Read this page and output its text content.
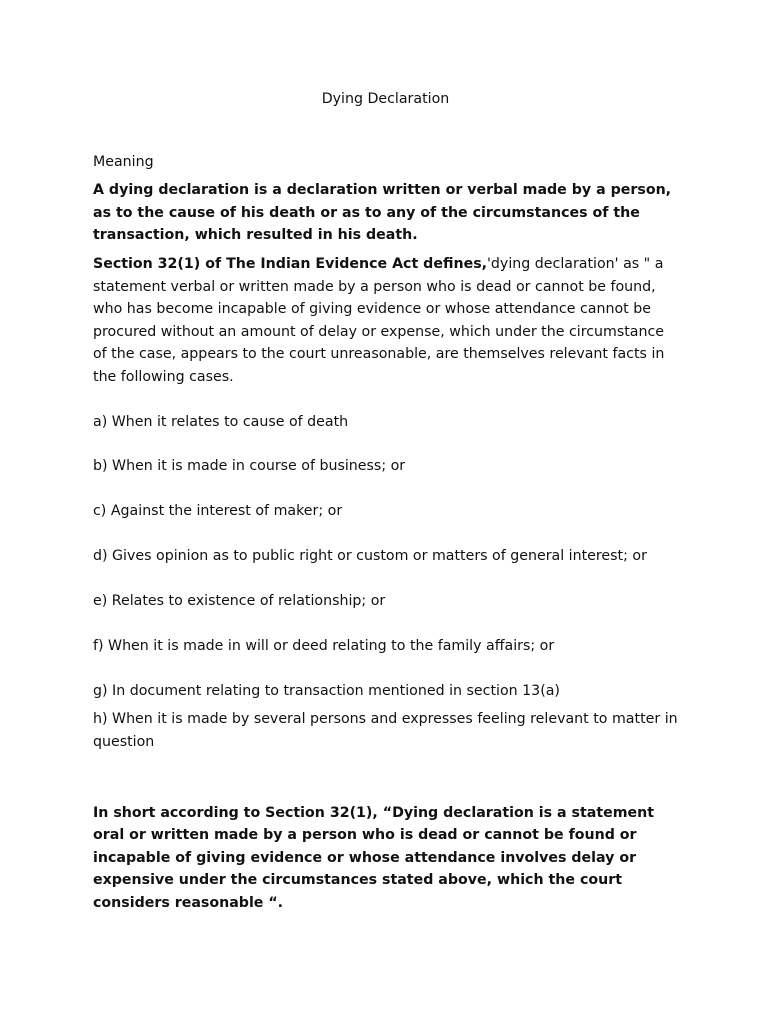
Dying Declaration
Meaning
A dying declaration is a declaration written or verbal made by a person, as to the cause of his death or as to any of the circumstances of the transaction, which resulted in his death.
Section 32(1) of The Indian Evidence Act defines,'dying declaration' as " a statement verbal or written made by a person who is dead or cannot be found, who has become incapable of giving evidence or whose attendance cannot be procured without an amount of delay or expense, which under the circumstance of the case, appears to the court unreasonable, are themselves relevant facts in the following cases.
a) When it relates to cause of death
b) When it is made in course of business; or
c) Against the interest of maker; or
d) Gives opinion as to public right or custom or matters of general interest; or
e) Relates to existence of relationship; or
f) When it is made in will or deed relating to the family affairs; or
g) In document relating to transaction mentioned in section 13(a)
h) When it is made by several persons and expresses feeling relevant to matter in question
In short according to Section 32(1), “Dying declaration is a statement oral or written made by a person who is dead or cannot be found or incapable of giving evidence or whose attendance involves delay or expensive under the circumstances stated above, which the court considers reasonable “.
